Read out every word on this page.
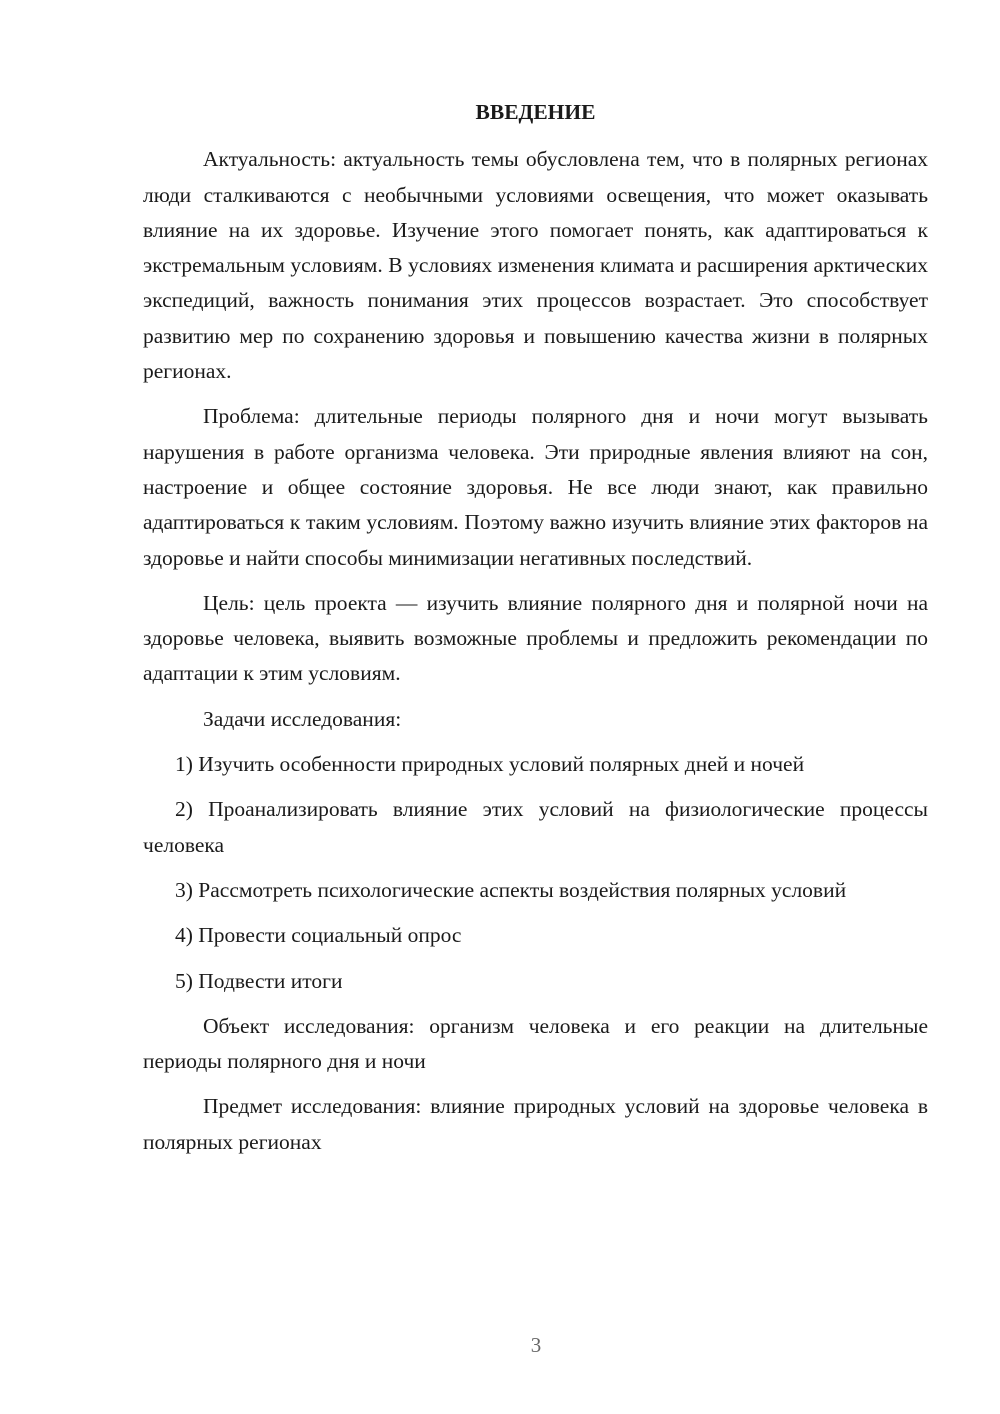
ВВЕДЕНИЕ

Актуальность: актуальность темы обусловлена тем, что в полярных регионах люди сталкиваются с необычными условиями освещения, что может оказывать влияние на их здоровье. Изучение этого помогает понять, как адаптироваться к экстремальным условиям. В условиях изменения климата и расширения арктических экспедиций, важность понимания этих процессов возрастает. Это способствует развитию мер по сохранению здоровья и повышению качества жизни в полярных регионах.

Проблема: длительные периоды полярного дня и ночи могут вызывать нарушения в работе организма человека. Эти природные явления влияют на сон, настроение и общее состояние здоровья. Не все люди знают, как правильно адаптироваться к таким условиям. Поэтому важно изучить влияние этих факторов на здоровье и найти способы минимизации негативных последствий.

Цель: цель проекта — изучить влияние полярного дня и полярной ночи на здоровье человека, выявить возможные проблемы и предложить рекомендации по адаптации к этим условиям.

Задачи исследования:

1) Изучить особенности природных условий полярных дней и ночей

2) Проанализировать влияние этих условий на физиологические процессы человека

3) Рассмотреть психологические аспекты воздействия полярных условий

4) Провести социальный опрос

5) Подвести итоги

Объект исследования: организм человека и его реакции на длительные периоды полярного дня и ночи

Предмет исследования: влияние природных условий на здоровье человека в полярных регионах

3
